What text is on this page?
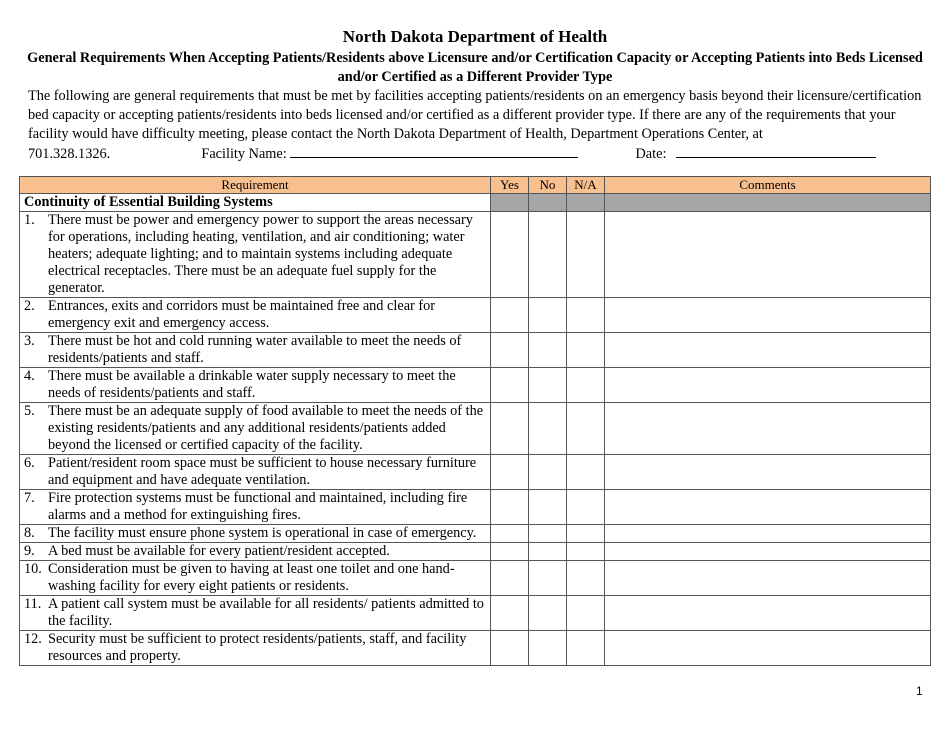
North Dakota Department of Health
General Requirements When Accepting Patients/Residents above Licensure and/or Certification Capacity or Accepting Patients into Beds Licensed and/or Certified as a Different Provider Type
The following are general requirements that must be met by facilities accepting patients/residents on an emergency basis beyond their licensure/certification bed capacity or accepting patients/residents into beds licensed and/or certified as a different provider type. If there are any of the requirements that your facility would have difficulty meeting, please contact the North Dakota Department of Health, Department Operations Center, at
701.328.1326.	Facility Name:	Date:
Requirement	Yes	No	N/A	Comments
Continuity of Essential Building Systems				

1. There must be power and emergency power to support the areas necessary for operations, including heating, ventilation, and air conditioning; water heaters; adequate lighting; and to maintain systems including adequate electrical receptacles. There must be an adequate fuel supply for the generator.				

2. Entrances, exits and corridors must be maintained free and clear for emergency exit and emergency access.				

3. There must be hot and cold running water available to meet the needs of residents/patients and staff.				

4. There must be available a drinkable water supply necessary to meet the needs of residents/patients and staff.				

5. There must be an adequate supply of food available to meet the needs of the existing residents/patients and any additional residents/patients added beyond the licensed or certified capacity of the facility.				

6. Patient/resident room space must be sufficient to house necessary furniture and equipment and have adequate ventilation.				

7. Fire protection systems must be functional and maintained, including fire alarms and a method for extinguishing fires.				

8. The facility must ensure phone system is operational in case of emergency.				

9. A bed must be available for every patient/resident accepted.				

10. Consideration must be given to having at least one toilet and one hand-washing facility for every eight patients or residents.				

11. A patient call system must be available for all residents/ patients admitted to the facility.				

12. Security must be sufficient to protect residents/patients, staff, and facility resources and property.				

1
